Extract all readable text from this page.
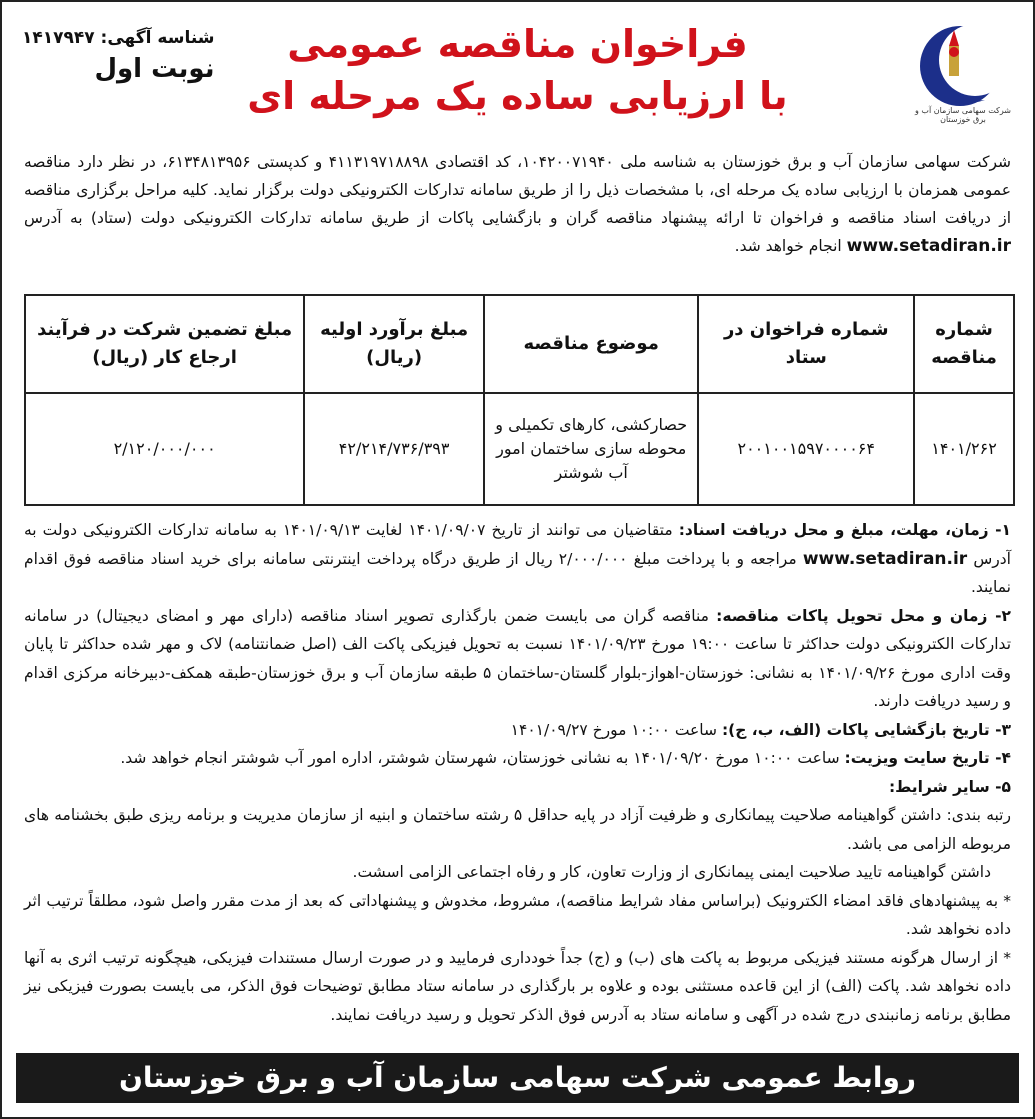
شرکت سهامی سازمان آب و برق خوزستان
فراخوان مناقصه عمومی
با ارزیابی ساده یک مرحله ای
شناسه آگهی: ۱۴۱۷۹۴۷
نوبت اول
شرکت سهامی سازمان آب و برق خوزستان به شناسه ملی ۱۰۴۲۰۰۷۱۹۴۰، کد اقتصادی ۴۱۱۳۱۹۷۱۸۸۹۸ و کدپستی ۶۱۳۴۸۱۳۹۵۶، در نظر دارد مناقصه عمومی همزمان با ارزیابی ساده یک مرحله ای، با مشخصات ذیل را از طریق سامانه تدارکات الکترونیکی دولت برگزار نماید. کلیه مراحل برگزاری مناقصه از دریافت اسناد مناقصه و فراخوان تا ارائه پیشنهاد مناقصه گران و بازگشایی پاکات از طریق سامانه تدارکات الکترونیکی دولت (ستاد) به آدرس www.setadiran.ir انجام خواهد شد.
شماره مناقصه	شماره فراخوان در ستاد	موضوع مناقصه	مبلغ برآورد اولیه (ریال)	مبلغ تضمین شرکت در فرآیند ارجاع کار (ریال)
۱۴۰۱/۲۶۲	۲۰۰۱۰۰۱۵۹۷۰۰۰۰۶۴	حصارکشی، کارهای تکمیلی و محوطه سازی ساختمان امور آب شوشتر	۴۲/۲۱۴/۷۳۶/۳۹۳	۲/۱۲۰/۰۰۰/۰۰۰

۱- زمان، مهلت، مبلغ و محل دریافت اسناد: متقاضیان می توانند از تاریخ ۱۴۰۱/۰۹/۰۷ لغایت ۱۴۰۱/۰۹/۱۳ به سامانه تدارکات الکترونیکی دولت به آدرس www.setadiran.ir مراجعه و با پرداخت مبلغ ۲/۰۰۰/۰۰۰ ریال از طریق درگاه پرداخت اینترنتی سامانه برای خرید اسناد مناقصه فوق اقدام نمایند.

۲- زمان و محل تحویل پاکات مناقصه: مناقصه گران می بایست ضمن بارگذاری تصویر اسناد مناقصه (دارای مهر و امضای دیجیتال) در سامانه تدارکات الکترونیکی دولت حداکثر تا ساعت ۱۹:۰۰ مورخ ۱۴۰۱/۰۹/۲۳ نسبت به تحویل فیزیکی پاکت الف (اصل ضمانتنامه) لاک و مهر شده حداکثر تا پایان وقت اداری مورخ ۱۴۰۱/۰۹/۲۶ به نشانی: خوزستان-اهواز-بلوار گلستان-ساختمان ۵ طبقه سازمان آب و برق خوزستان-طبقه همکف-دبیرخانه مرکزی اقدام و رسید دریافت دارند.

۳- تاریخ بازگشایی پاکات (الف، ب، ج): ساعت ۱۰:۰۰ مورخ ۱۴۰۱/۰۹/۲۷

۴- تاریخ سایت ویزیت: ساعت ۱۰:۰۰ مورخ ۱۴۰۱/۰۹/۲۰ به نشانی خوزستان، شهرستان شوشتر، اداره امور آب شوشتر انجام خواهد شد.

۵- سایر شرایط:

رتبه بندی: داشتن گواهینامه صلاحیت پیمانکاری و ظرفیت آزاد در پایه حداقل ۵ رشته ساختمان و ابنیه از سازمان مدیریت و برنامه ریزی طبق بخشنامه های مربوطه الزامی می باشد.

داشتن گواهینامه تایید صلاحیت ایمنی پیمانکاری از وزارت تعاون، کار و رفاه اجتماعی الزامی اسشت.

* به پیشنهادهای فاقد امضاء الکترونیک (براساس مفاد شرایط مناقصه)، مشروط، مخدوش و پیشنهاداتی که بعد از مدت مقرر واصل شود، مطلقاً ترتیب اثر داده نخواهد شد.

* از ارسال هرگونه مستند فیزیکی مربوط به پاکت های (ب) و (ج) جداً خودداری فرمایید و در صورت ارسال مستندات فیزیکی، هیچگونه ترتیب اثری به آنها داده نخواهد شد. پاکت (الف) از این قاعده مستثنی بوده و علاوه بر بارگذاری در سامانه ستاد مطابق توضیحات فوق الذکر، می بایست بصورت فیزیکی نیز مطابق برنامه زمانبندی درج شده در آگهی و سامانه ستاد به آدرس فوق الذکر تحویل و رسید دریافت نمایند.

روابط عمومی شرکت سهامی سازمان آب و برق خوزستان
